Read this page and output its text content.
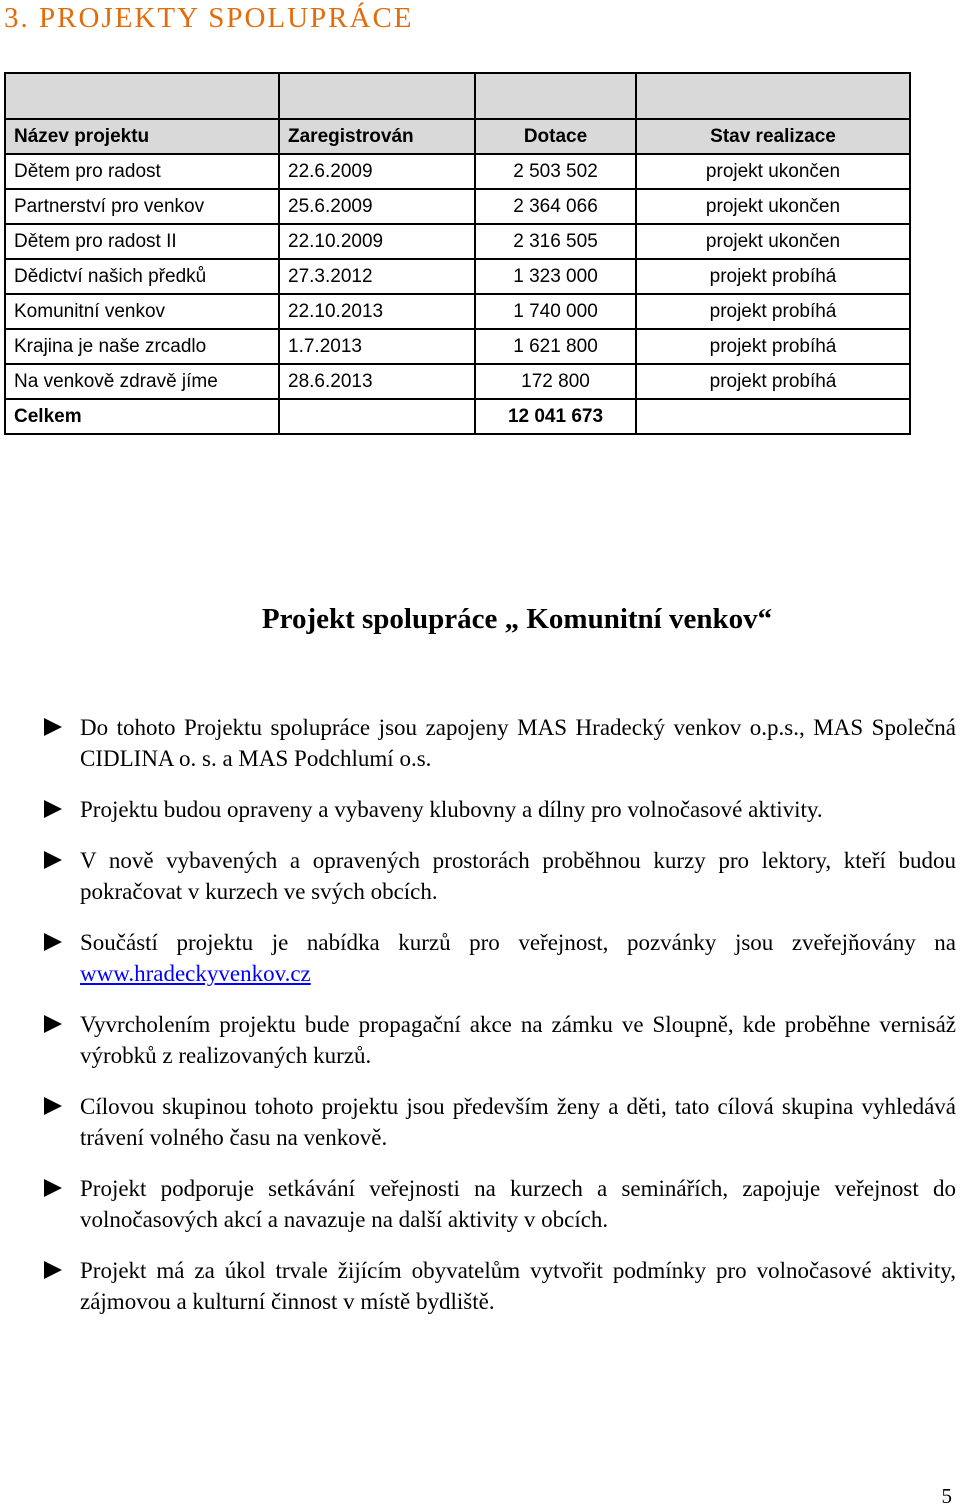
3. PROJEKTY SPOLUPRÁCE

Název projektu	Zaregistrován	Dotace	Stav realizace
Dětem pro radost	22.6.2009	2 503 502	projekt ukončen
Partnerství pro venkov	25.6.2009	2 364 066	projekt ukončen
Dětem pro radost II	22.10.2009	2 316 505	projekt ukončen
Dědictví našich předků	27.3.2012	1 323 000	projekt probíhá
Komunitní venkov	22.10.2013	1 740 000	projekt probíhá
Krajina je naše zrcadlo	1.7.2013	1 621 800	projekt probíhá
Na venkově zdravě jíme	28.6.2013	172 800	projekt probíhá
Celkem		12 041 673	
Projekt spolupráce „ Komunitní venkov“
Do tohoto Projektu spolupráce jsou zapojeny MAS Hradecký venkov o.p.s., MAS Společná CIDLINA o. s. a MAS Podchlumí o.s.
Projektu budou opraveny a vybaveny klubovny a dílny pro volnočasové aktivity.
V nově vybavených a opravených prostorách proběhnou kurzy pro lektory, kteří budou pokračovat v kurzech ve svých obcích.
Součástí projektu je nabídka kurzů pro veřejnost, pozvánky jsou zveřejňovány na www.hradeckyvenkov.cz
Vyvrcholením projektu bude propagační akce na zámku ve Sloupně, kde proběhne vernisáž výrobků z realizovaných kurzů.
Cílovou skupinou tohoto projektu jsou především ženy a děti, tato cílová skupina vyhledává trávení volného času na venkově.
Projekt podporuje setkávání veřejnosti na kurzech a seminářích, zapojuje veřejnost do volnočasových akcí a navazuje na další aktivity v obcích.
Projekt má za úkol trvale žijícím obyvatelům vytvořit podmínky pro volnočasové aktivity, zájmovou a kulturní činnost v místě bydliště.
5
